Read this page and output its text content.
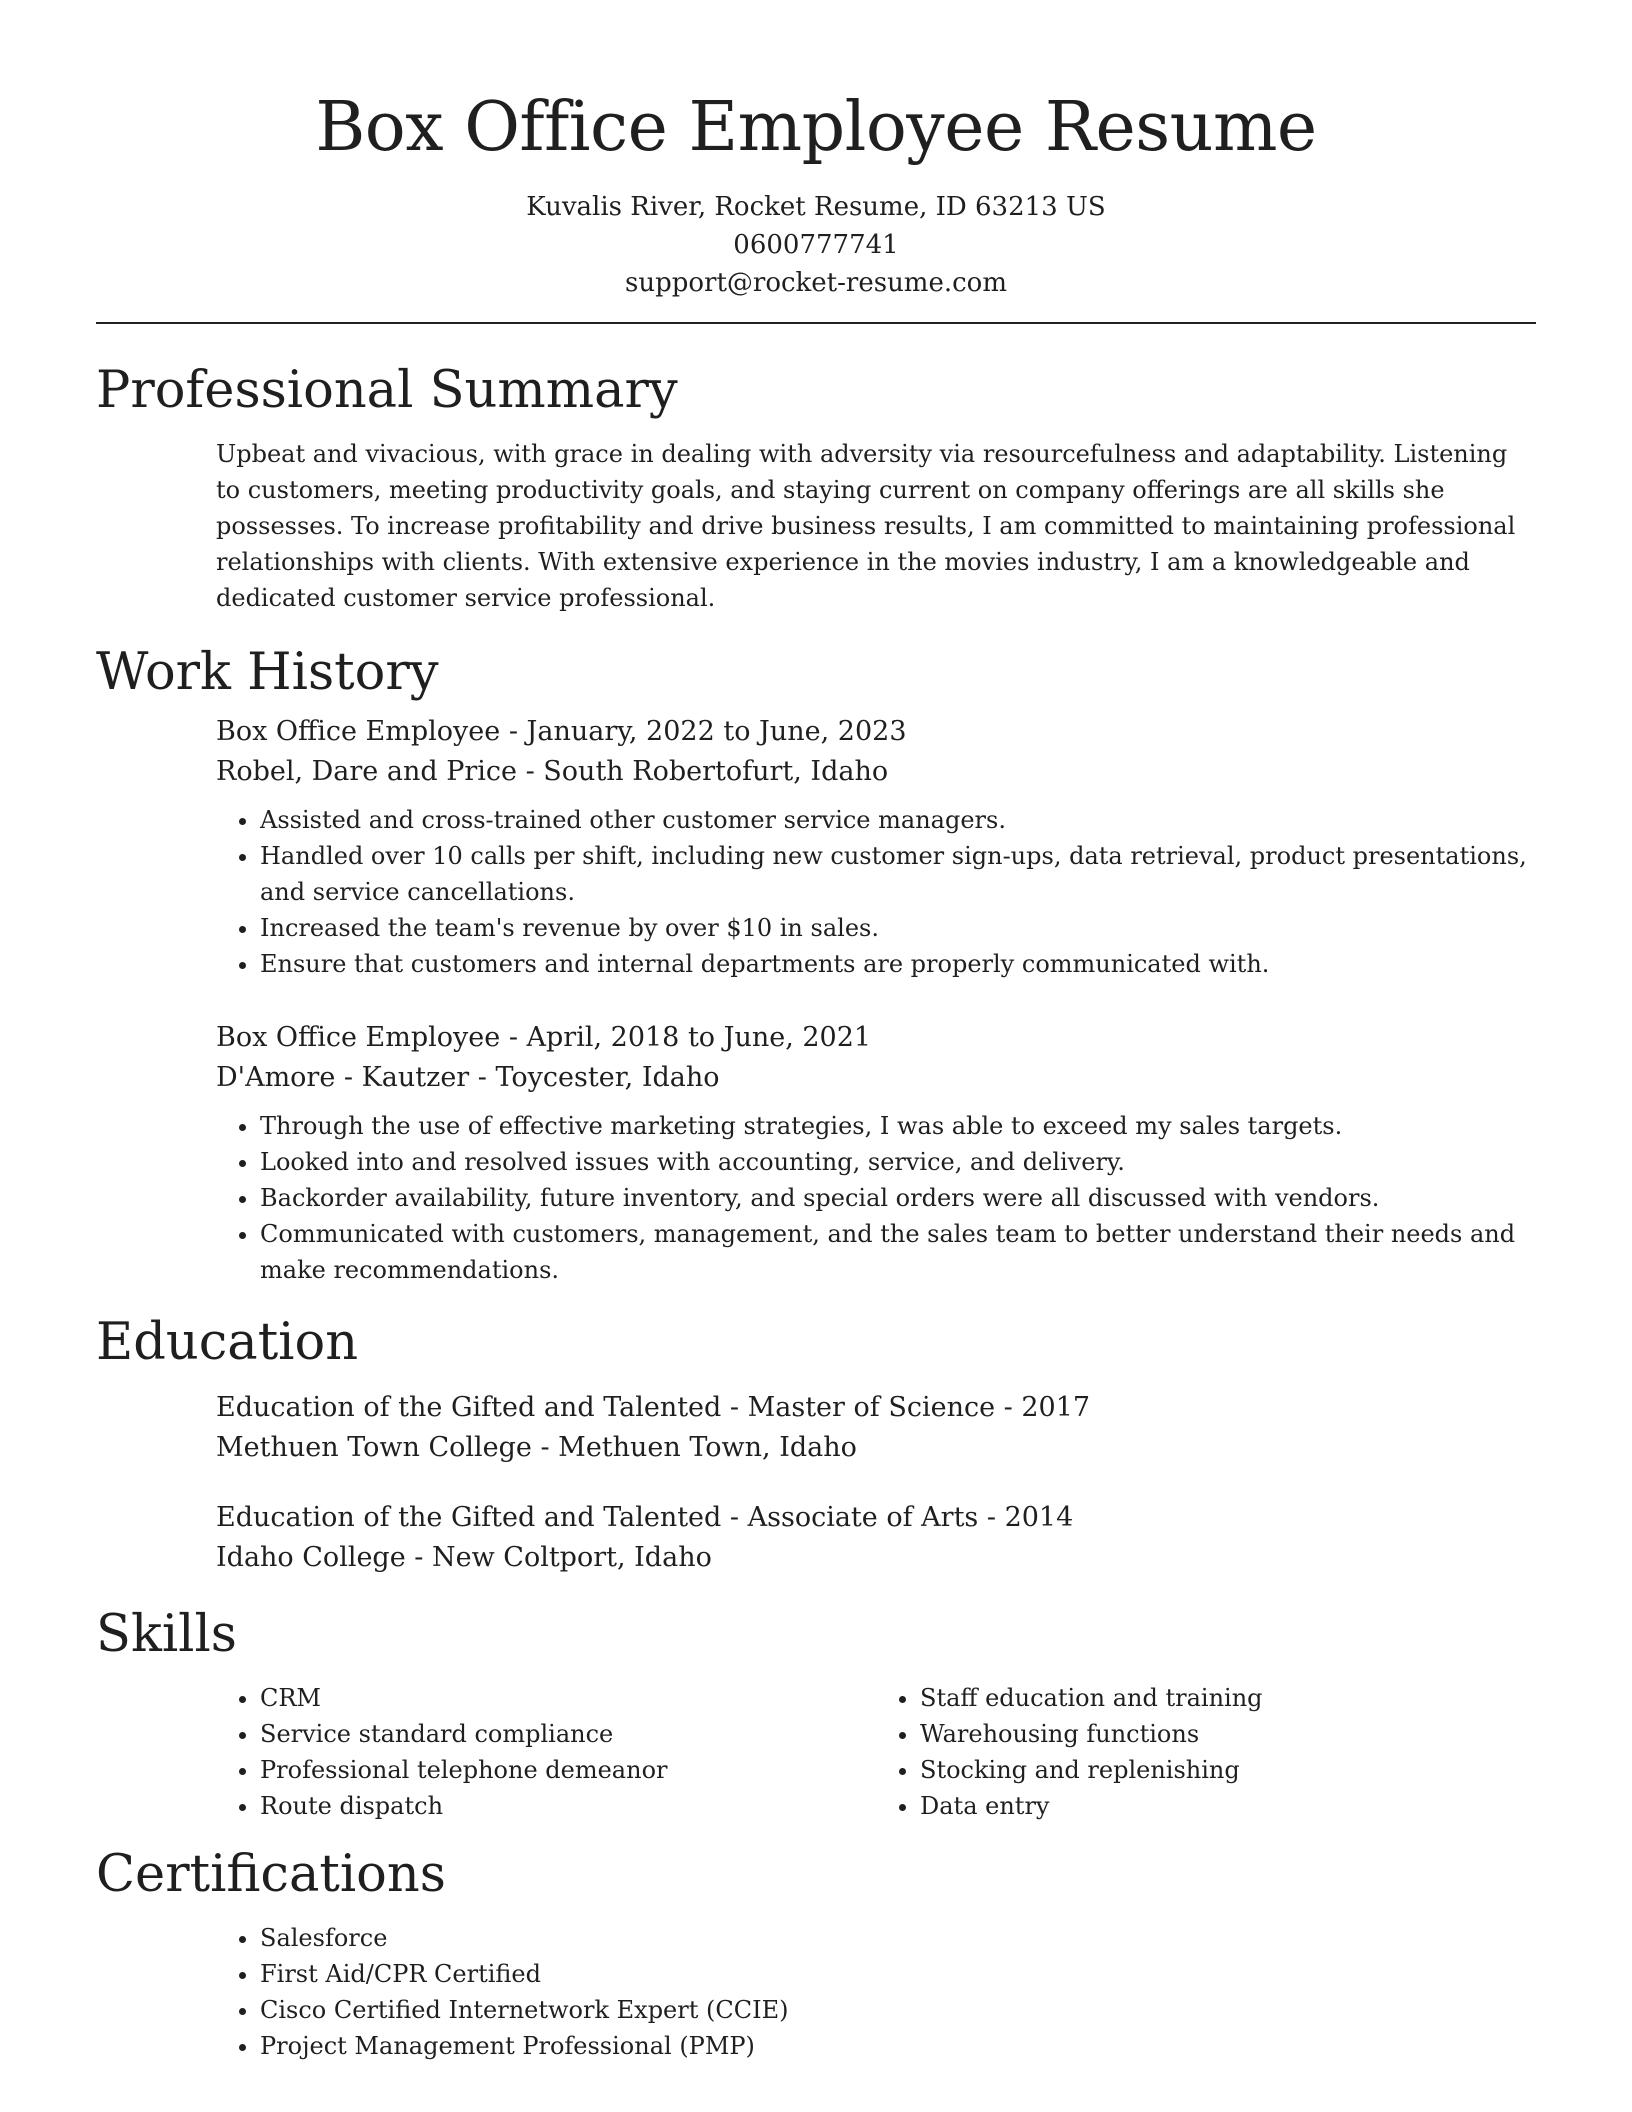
Box Office Employee Resume
Kuvalis River, Rocket Resume, ID 63213 US
0600777741
support@rocket-resume.com
Professional Summary
Upbeat and vivacious, with grace in dealing with adversity via resourcefulness and adaptability. Listening to customers, meeting productivity goals, and staying current on company offerings are all skills she possesses. To increase profitability and drive business results, I am committed to maintaining professional relationships with clients. With extensive experience in the movies industry, I am a knowledgeable and dedicated customer service professional.
Work History
Box Office Employee - January, 2022 to June, 2023
Robel, Dare and Price - South Robertofurt, Idaho
• Assisted and cross-trained other customer service managers.
• Handled over 10 calls per shift, including new customer sign-ups, data retrieval, product presentations, and service cancellations.
• Increased the team's revenue by over $10 in sales.
• Ensure that customers and internal departments are properly communicated with.
Box Office Employee - April, 2018 to June, 2021
D'Amore - Kautzer - Toycester, Idaho
• Through the use of effective marketing strategies, I was able to exceed my sales targets.
• Looked into and resolved issues with accounting, service, and delivery.
• Backorder availability, future inventory, and special orders were all discussed with vendors.
• Communicated with customers, management, and the sales team to better understand their needs and make recommendations.
Education
Education of the Gifted and Talented - Master of Science - 2017
Methuen Town College - Methuen Town, Idaho
Education of the Gifted and Talented - Associate of Arts - 2014
Idaho College - New Coltport, Idaho
Skills
• CRM
• Service standard compliance
• Professional telephone demeanor
• Route dispatch
• Staff education and training
• Warehousing functions
• Stocking and replenishing
• Data entry
Certifications
• Salesforce
• First Aid/CPR Certified
• Cisco Certified Internetwork Expert (CCIE)
• Project Management Professional (PMP)
